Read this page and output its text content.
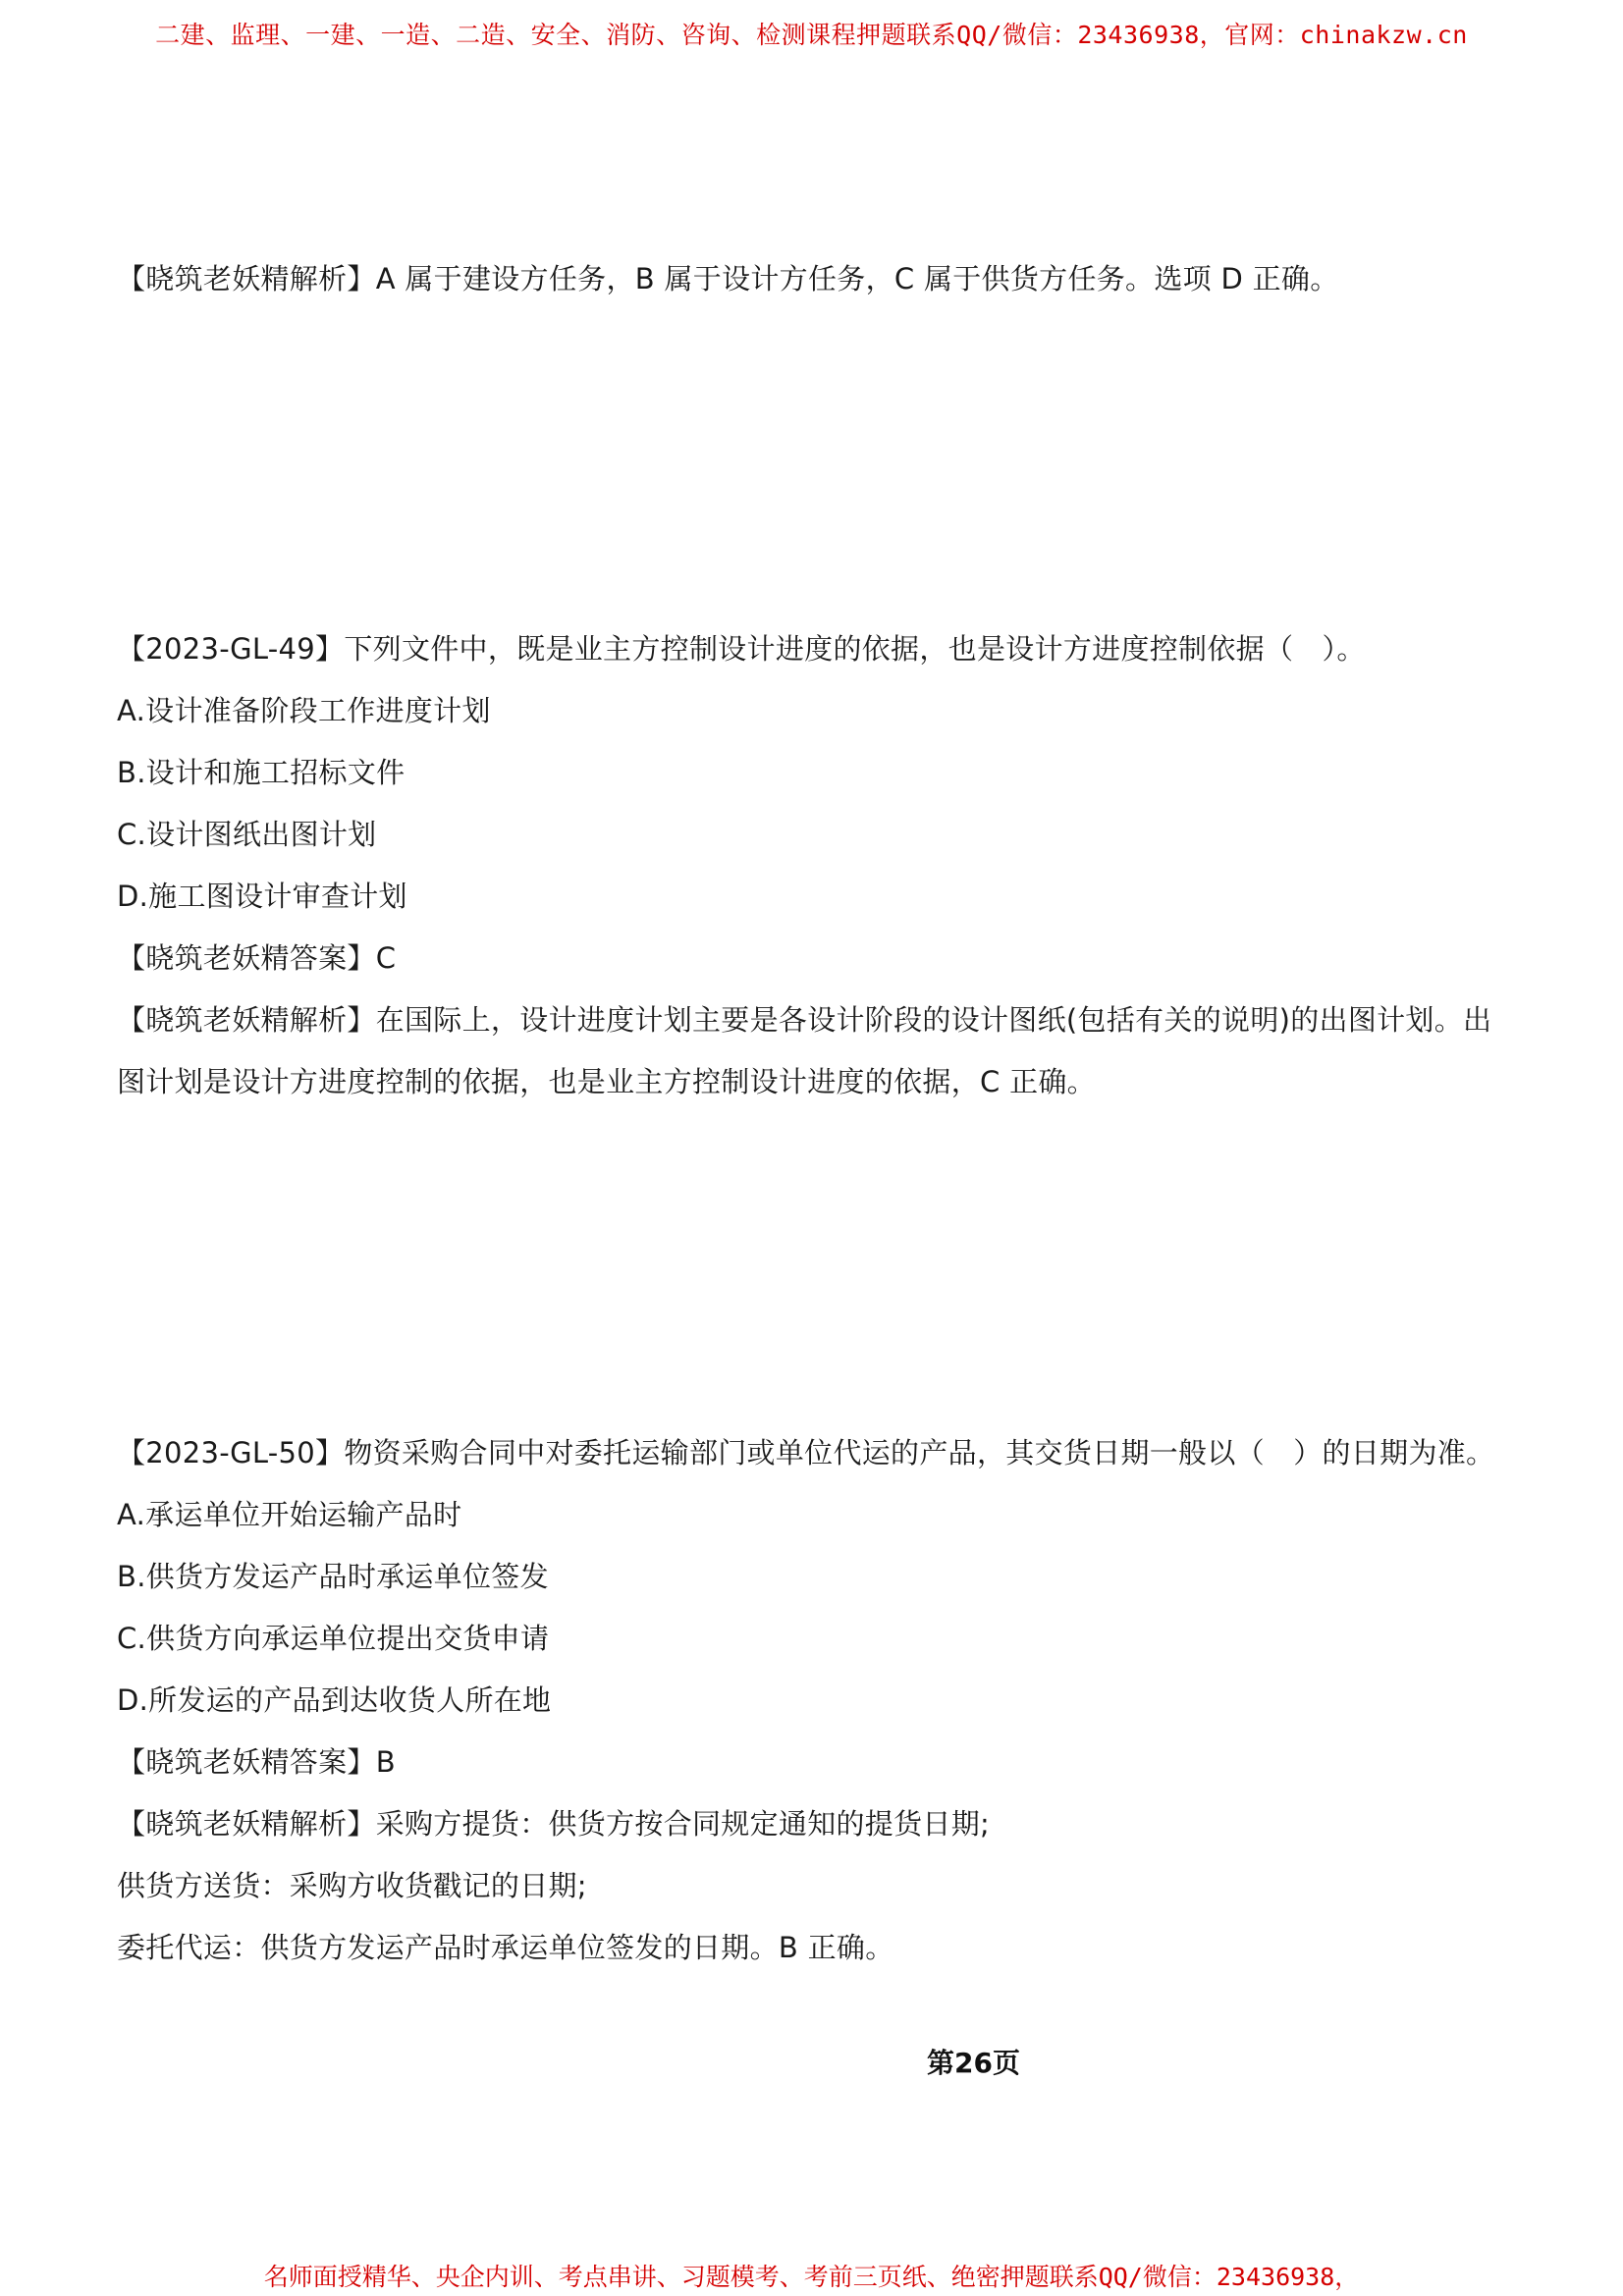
二建、监理、一建、一造、二造、安全、消防、咨询、检测课程押题联系QQ/微信：23436938，官网：chinakzw.cn
【晓筑老妖精解析】A 属于建设方任务，B 属于设计方任务，C 属于供货方任务。选项 D 正确。
【2023-GL-49】下列文件中，既是业主方控制设计进度的依据，也是设计方进度控制依据（　）。
A.设计准备阶段工作进度计划
B.设计和施工招标文件
C.设计图纸出图计划
D.施工图设计审查计划
【晓筑老妖精答案】C
【晓筑老妖精解析】在国际上，设计进度计划主要是各设计阶段的设计图纸(包括有关的说明)的出图计划。出
图计划是设计方进度控制的依据，也是业主方控制设计进度的依据，C 正确。
【2023-GL-50】物资采购合同中对委托运输部门或单位代运的产品，其交货日期一般以（　）的日期为准。
A.承运单位开始运输产品时
B.供货方发运产品时承运单位签发
C.供货方向承运单位提出交货申请
D.所发运的产品到达收货人所在地
【晓筑老妖精答案】B
【晓筑老妖精解析】采购方提货：供货方按合同规定通知的提货日期;
供货方送货：采购方收货戳记的日期;
委托代运：供货方发运产品时承运单位签发的日期。B 正确。
第26页
名师面授精华、央企内训、考点串讲、习题模考、考前三页纸、绝密押题联系QQ/微信：23436938，
